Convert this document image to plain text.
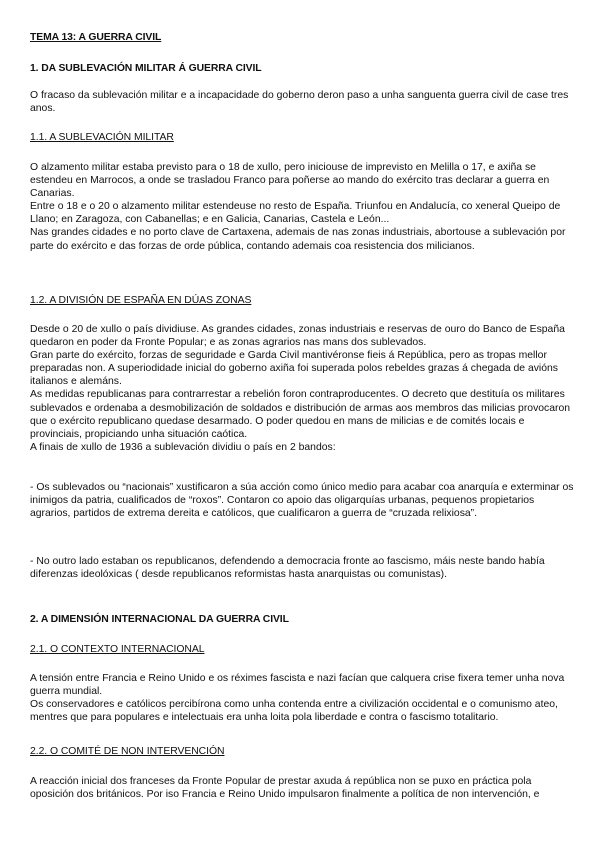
TEMA 13: A GUERRA CIVIL
1. DA SUBLEVACIÓN MILITAR Á GUERRA CIVIL
O fracaso da sublevación militar e a incapacidade do goberno deron paso a unha sanguenta guerra civil de case tres anos.
1.1. A SUBLEVACIÓN MILITAR

O alzamento militar estaba previsto para o 18 de xullo, pero iniciouse de imprevisto en Melilla o 17, e axiña se estendeu en Marrocos, a onde se trasladou Franco para poñerse ao mando do exército tras declarar a guerra en Canarias.

Entre o 18 e o 20 o alzamento militar estendeuse no resto de España. Triunfou en Andalucía, co xeneral Queipo de Llano; en Zaragoza, con Cabanellas; e en Galicia, Canarias, Castela e León...

Nas grandes cidades e no porto clave de Cartaxena, ademais de nas zonas industriais, abortouse a sublevación por parte do exército e das forzas de orde pública, contando ademais coa resistencia dos milicianos.

1.2. A DIVISIÓN DE ESPAÑA EN DÚAS ZONAS

Desde o 20 de xullo o país dividiuse. As grandes cidades, zonas industriais e reservas de ouro do Banco de España quedaron en poder da Fronte Popular; e as zonas agrarios nas mans dos sublevados.

Gran parte do exército, forzas de seguridade e Garda Civil mantivéronse fieis á República, pero as tropas mellor preparadas non. A superiodidade inicial do goberno axiña foi superada polos rebeldes grazas á chegada de avións italianos e alemáns.

As medidas republicanas para contrarrestar a rebelión foron contraproducentes. O decreto que destituía os militares sublevados e ordenaba a desmobilización de soldados e distribución de armas aos membros das milicias provocaron que o exército republicano quedase desarmado. O poder quedou en mans de milicias e de comités locais e provinciais, propiciando unha situación caótica.

A finais de xullo de 1936 a sublevación dividiu o país en 2 bandos:

- Os sublevados ou “nacionais” xustificaron a súa acción como único medio para acabar coa anarquía e exterminar os inimigos da patria, cualificados de “roxos”. Contaron co apoio das oligarquías urbanas, pequenos propietarios agrarios, partidos de extrema dereita e católicos, que cualificaron a guerra de “cruzada relixiosa”.
- No outro lado estaban os republicanos, defendendo a democracia fronte ao fascismo, máis neste bando había diferenzas ideolóxicas ( desde republicanos reformistas hasta anarquistas ou comunistas).
2. A DIMENSIÓN INTERNACIONAL DA GUERRA CIVIL
2.1. O CONTEXTO INTERNACIONAL

A tensión entre Francia e Reino Unido e os réximes fascista e nazi facían que calquera crise fixera temer unha nova guerra mundial.

Os conservadores e católicos percibírona como unha contenda entre a civilización occidental e o comunismo ateo, mentres que para populares e intelectuais era unha loita pola liberdade e contra o fascismo totalitario.

2.2. O COMITÉ DE NON INTERVENCIÓN
A reacción inicial dos franceses da Fronte Popular de prestar axuda á república non se puxo en práctica pola oposición dos británicos. Por iso Francia e Reino Unido impulsaron finalmente a política de non intervención, e
